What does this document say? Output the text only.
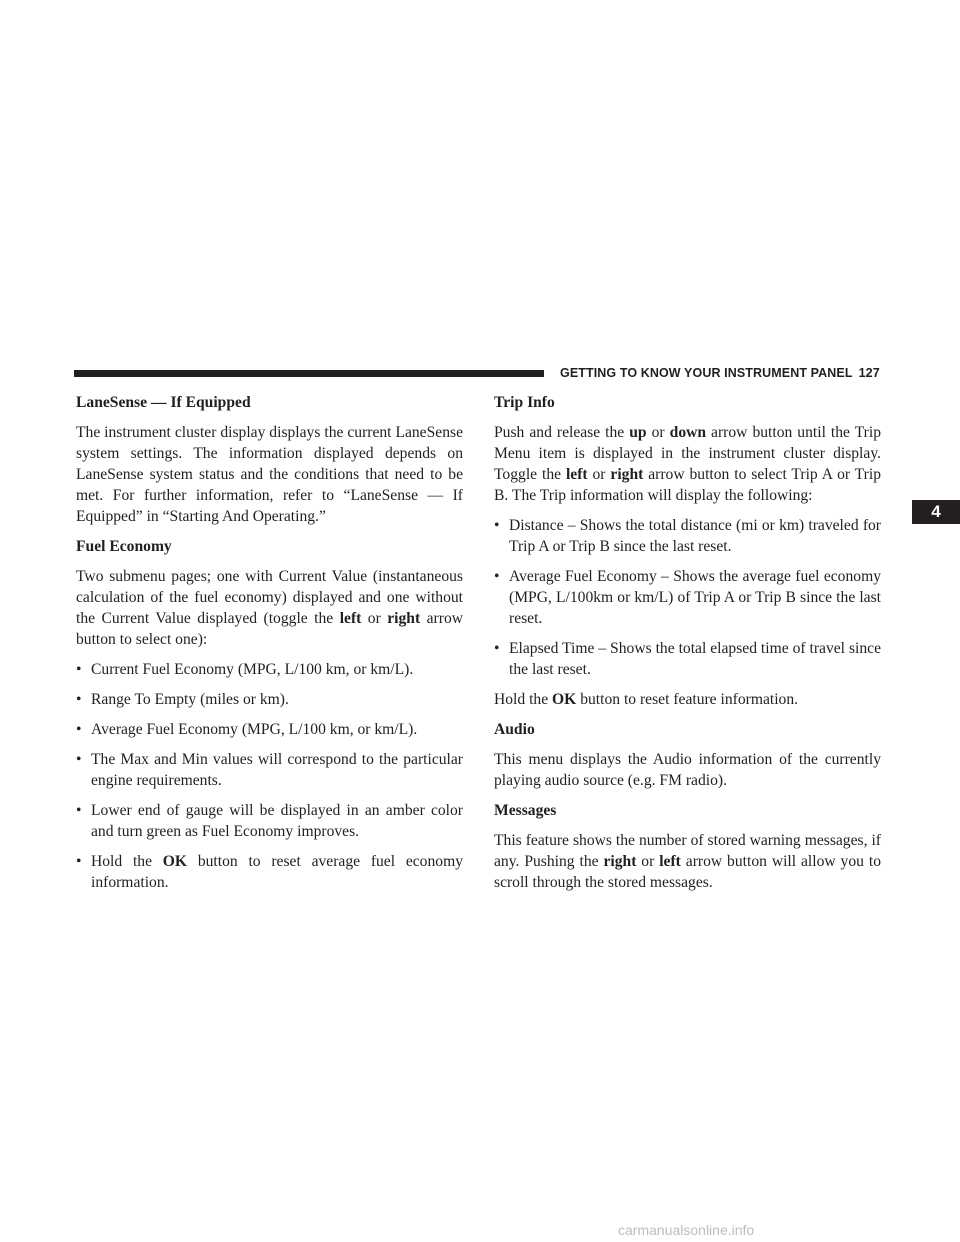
GETTING TO KNOW YOUR INSTRUMENT PANEL 127
4
LaneSense — If Equipped

The instrument cluster display displays the current LaneSense system settings. The information displayed depends on LaneSense system status and the conditions that need to be met. For further information, refer to “LaneSense — If Equipped” in “Starting And Operating.”

Fuel Economy

Two submenu pages; one with Current Value (instantaneous calculation of the fuel economy) displayed and one without the Current Value displayed (toggle the left or right arrow button to select one):

• Current Fuel Economy (MPG, L/100 km, or km/L).
• Range To Empty (miles or km).
• Average Fuel Economy (MPG, L/100 km, or km/L).
• The Max and Min values will correspond to the particular engine requirements.
• Lower end of gauge will be displayed in an amber color and turn green as Fuel Economy improves.
• Hold the OK button to reset average fuel economy information.
Trip Info

Push and release the up or down arrow button until the Trip Menu item is displayed in the instrument cluster display. Toggle the left or right arrow button to select Trip A or Trip B. The Trip information will display the following:

• Distance – Shows the total distance (mi or km) traveled for Trip A or Trip B since the last reset.
• Average Fuel Economy – Shows the average fuel economy (MPG, L/100km or km/L) of Trip A or Trip B since the last reset.
• Elapsed Time – Shows the total elapsed time of travel since the last reset.

Hold the OK button to reset feature information.

Audio

This menu displays the Audio information of the currently playing audio source (e.g. FM radio).

Messages

This feature shows the number of stored warning messages, if any. Pushing the right or left arrow button will allow you to scroll through the stored messages.

carmanualsonline.info
